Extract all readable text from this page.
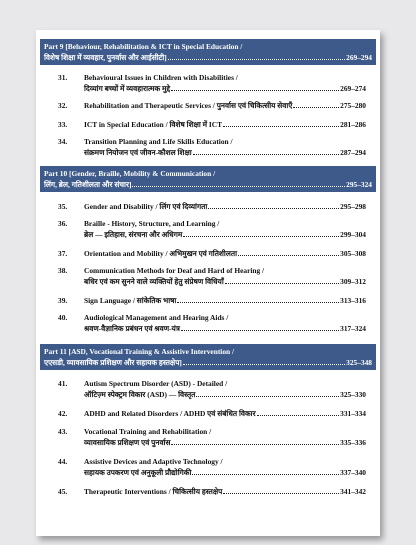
Part 9 [Behaviour, Rehabilitation & ICT in Special Education /
विशेष शिक्षा में व्यवहार, पुनर्वास और आईसीटी]	269–294
31. Behavioural Issues in Children with Disabilities /
दिव्यांग बच्चों में व्यवहारात्मक मुद्दे	269–274
32. Rehabilitation and Therapeutic Services / पुनर्वास एवं चिकित्सीय सेवाएँ	275–280
33. ICT in Special Education / विशेष शिक्षा में ICT	281–286
34. Transition Planning and Life Skills Education /
संक्रमण नियोजन एवं जीवन-कौशल शिक्षा	287–294
Part 10 [Gender, Braille, Mobility & Communication /
लिंग, ब्रेल, गतिशीलता और संचार]	295–324
35. Gender and Disability / लिंग एवं दिव्यांगता	295–298
36. Braille - History, Structure, and Learning /
ब्रेल — इतिहास, संरचना और अधिगम	299–304
37. Orientation and Mobility / अभिमुखन एवं गतिशीलता	305–308
38. Communication Methods for Deaf and Hard of Hearing /
बधिर एवं कम सुनने वाले व्यक्तियों हेतु संप्रेषण विधियाँ	309–312
39. Sign Language / सांकेतिक भाषा	313–316
40. Audiological Management and Hearing Aids /
श्रवण-वैज्ञानिक प्रबंधन एवं श्रवण-यंत्र	317–324
Part 11 [ASD, Vocational Training & Assistive Intervention /
एएसडी, व्यावसायिक प्रशिक्षण और सहायक हस्तक्षेप]	325–348
41. Autism Spectrum Disorder (ASD) - Detailed /
ऑटिज़्म स्पेक्ट्रम विकार (ASD) — विस्तृत	325–330
42. ADHD and Related Disorders / ADHD एवं संबंधित विकार	331–334
43. Vocational Training and Rehabilitation /
व्यावसायिक प्रशिक्षण एवं पुनर्वास	335–336
44. Assistive Devices and Adaptive Technology /
सहायक उपकरण एवं अनुकूली प्रौद्योगिकी	337–340
45. Therapeutic Interventions / चिकित्सीय हस्तक्षेप	341–342
